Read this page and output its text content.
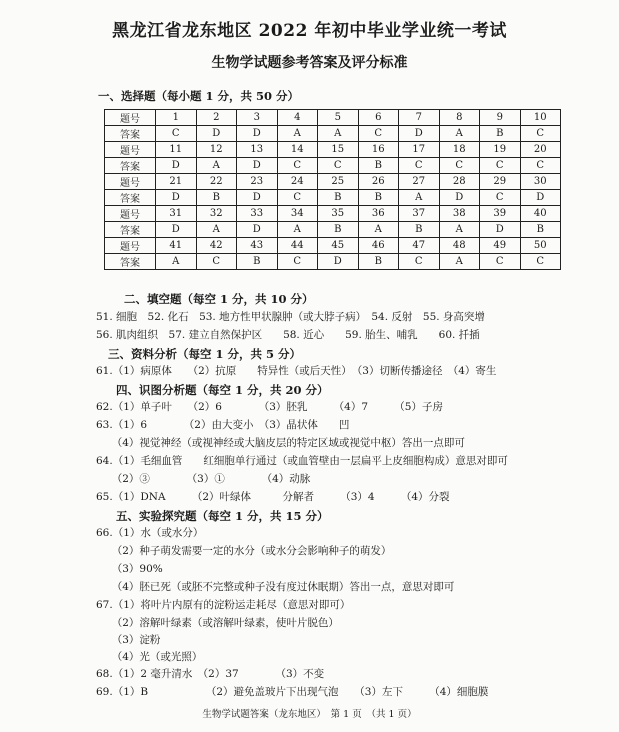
黑龙江省龙东地区 2022 年初中毕业学业统一考试
生物学试题参考答案及评分标准
一、选择题（每小题 1 分，共 50 分）
题号	1	2	3	4	5	6	7	8	9	10
答案	C	D	D	A	A	C	D	A	B	C
题号	11	12	13	14	15	16	17	18	19	20
答案	D	A	D	C	C	B	C	C	C	C
题号	21	22	23	24	25	26	27	28	29	30
答案	D	B	D	C	B	B	A	D	C	D
题号	31	32	33	34	35	36	37	38	39	40
答案	D	A	D	A	B	A	B	A	D	B
题号	41	42	43	44	45	46	47	48	49	50
答案	A	C	B	C	D	B	C	A	C	C
二、填空题（每空 1 分，共 10 分）
51. 细胞　52. 化石　53. 地方性甲状腺肿（或大脖子病）　54. 反射　55. 身高突增
56. 肌肉组织　57. 建立自然保护区　　58. 近心　　59. 胎生、哺乳　　60. 扦插
三、资料分析（每空 1 分，共 5 分）
61.（1）病原体　　（2）抗原　　特异性（或后天性）　（3）切断传播途径　（4）寄生
四、识图分析题（每空 1 分，共 20 分）
62.（1）单子叶　　（2）6　　　　（3）胚乳　　　（4）7　　　（5）子房
63.（1）6　　　　（2）由大变小　（3）晶状体　　凹
　　（4）视觉神经（或视神经或大脑皮层的特定区域或视觉中枢）答出一点即可
64.（1）毛细血管　　红细胞单行通过（或血管壁由一层扁平上皮细胞构成）意思对即可
　　（2）③　　　　（3）①　　　　（4）动脉
65.（1）DNA　　　（2）叶绿体　　　分解者　　　（3）4　　　（4）分裂
五、实验探究题（每空 1 分，共 15 分）
66.（1）水（或水分）
　　（2）种子萌发需要一定的水分（或水分会影响种子的萌发）
　　（3）90%
　　（4）胚已死（或胚不完整或种子没有度过休眠期）答出一点，意思对即可
67.（1）将叶片内原有的淀粉运走耗尽（意思对即可）
　　（2）溶解叶绿素（或溶解叶绿素，使叶片脱色）
　　（3）淀粉
　　（4）光（或光照）
68.（1）2 毫升清水　（2）37　　　　（3）不变
69.（1）B　　　　　　（2）避免盖玻片下出现气泡　　（3）左下　　　（4）细胞膜
生物学试题答案（龙东地区）　第 1 页　（共 1 页）
